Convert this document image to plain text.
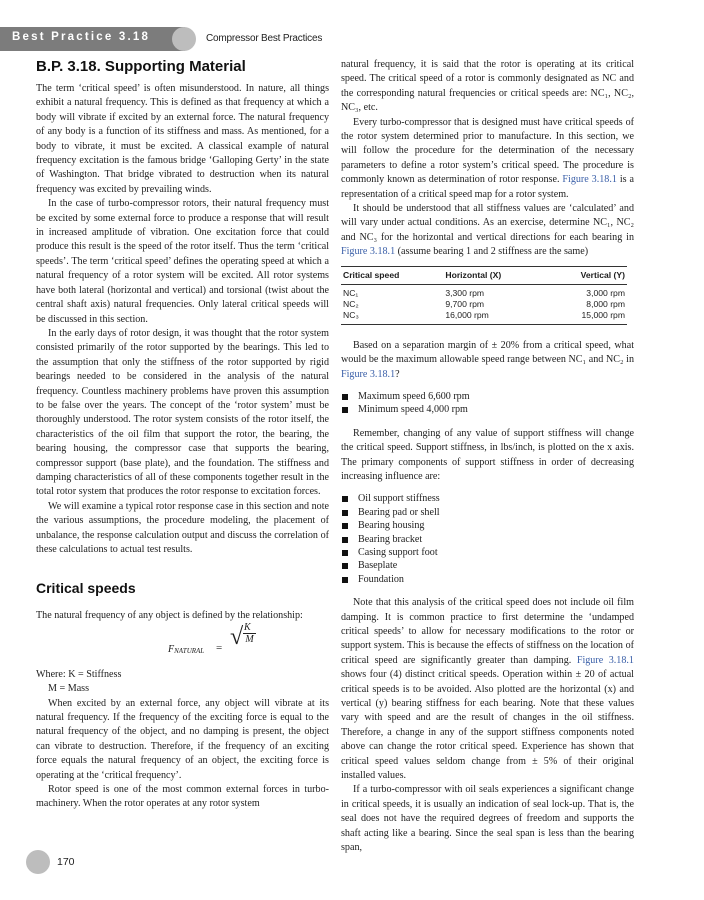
Best Practice 3.18	Compressor Best Practices
B.P. 3.18. Supporting Material

The term ‘critical speed’ is often misunderstood. In nature, all things exhibit a natural frequency. This is defined as that frequency at which a body will vibrate if excited by an external force. The natural frequency of any body is a function of its stiffness and mass. As mentioned, for a body to vibrate, it must be excited. A classical example of natural frequency excitation is the famous bridge ‘Galloping Gerty’ in the state of Washington. That bridge vibrated to destruction when its natural frequency was excited by prevailing winds.

In the case of turbo-compressor rotors, their natural frequency must be excited by some external force to produce a response that will result in increased amplitude of vibration. One excitation force that could produce this result is the speed of the rotor itself. Thus the term ‘critical speeds’. The term ‘critical speed’ defines the operating speed at which a natural frequency of a rotor system will be excited. All rotor systems have both lateral (horizontal and vertical) and torsional (twist about the central shaft axis) natural frequencies. Only lateral critical speeds will be discussed in this section.

In the early days of rotor design, it was thought that the rotor system consisted primarily of the rotor supported by the bearings. This led to the assumption that only the stiffness of the rotor supported by rigid bearings needed to be considered in the analysis of the natural frequency. Countless machinery problems have proven this assumption to be false over the years. The concept of the ‘rotor system’ must be thoroughly understood. The rotor system consists of the rotor itself, the characteristics of the oil film that support the rotor, the bearing, the bearing housing, the compressor case that supports the bearing, compressor support (base plate), and the foundation. The stiffness and damping characteristics of all of these components together result in the total rotor system that produces the rotor response to excitation forces.

We will examine a typical rotor response case in this section and note the various assumptions, the procedure modeling, the placement of unbalance, the response calculation output and discuss the correlation of these calculations to actual test results.

Critical speeds

The natural frequency of any object is defined by the relationship:

$F_{NATURAL}$ = √ K
M

Where: K = Stiffness

M = Mass

When excited by an external force, any object will vibrate at its natural frequency. If the frequency of the exciting force is equal to the natural frequency of the object, and no damping is present, the object can vibrate to destruction. Therefore, if the frequency of an exciting force equals the natural frequency of an object, the exciting force is operating at the ‘critical frequency’.

Rotor speed is one of the most common external forces in turbo-machinery. When the rotor operates at any rotor system

natural frequency, it is said that the rotor is operating at its critical speed. The critical speed of a rotor is commonly designated as NC and the corresponding natural frequencies or critical speeds are: NC₁, NC₂, NC₃, etc.

Every turbo-compressor that is designed must have critical speeds of the rotor system determined prior to manufacture. In this section, we will follow the procedure for the determination of the necessary parameters to define a rotor system’s critical speed. The procedure is commonly known as determination of rotor response. Figure 3.18.1 is a representation of a critical speed map for a rotor system.

It should be understood that all stiffness values are ‘calculated’ and will vary under actual conditions. As an exercise, determine NC₁, NC₂ and NC₃ for the horizontal and vertical directions for each bearing in Figure 3.18.1 (assume bearing 1 and 2 stiffness are the same)

Critical speed	Horizontal (X)	Vertical (Y)
NC₁	3,300 rpm	3,000 rpm
NC₂	9,700 rpm	8,000 rpm
NC₃	16,000 rpm	15,000 rpm

Based on a separation margin of ± 20% from a critical speed, what would be the maximum allowable speed range between NC₁ and NC₂ in Figure 3.18.1?

Maximum speed 6,600 rpm
Minimum speed 4,000 rpm

Remember, changing of any value of support stiffness will change the critical speed. Support stiffness, in lbs/inch, is plotted on the x axis. The primary components of support stiffness in order of decreasing increasing influence are:

Oil support stiffness
Bearing pad or shell
Bearing housing
Bearing bracket
Casing support foot
Baseplate
Foundation

Note that this analysis of the critical speed does not include oil film damping. It is common practice to first determine the ‘undamped critical speeds’ to allow for necessary modifications to the rotor or support system. This is because the effects of stiffness on the location of critical speed are significantly greater than damping. Figure 3.18.1 shows four (4) distinct critical speeds. Operation within ± 20 of actual critical speeds is to be avoided. Also plotted are the horizontal (x) and vertical (y) bearing stiffness for each bearing. Note that these values vary with speed and are the result of changes in the oil stiffness. Therefore, a change in any of the support stiffness components noted above can change the rotor critical speed. Experience has shown that critical speed values seldom change from ± 5% of their original installed values.

If a turbo-compressor with oil seals experiences a significant change in critical speeds, it is usually an indication of seal lock-up. That is, the seal does not have the required degrees of freedom and supports the shaft acting like a bearing. Since the seal span is less than the bearing span,

170
